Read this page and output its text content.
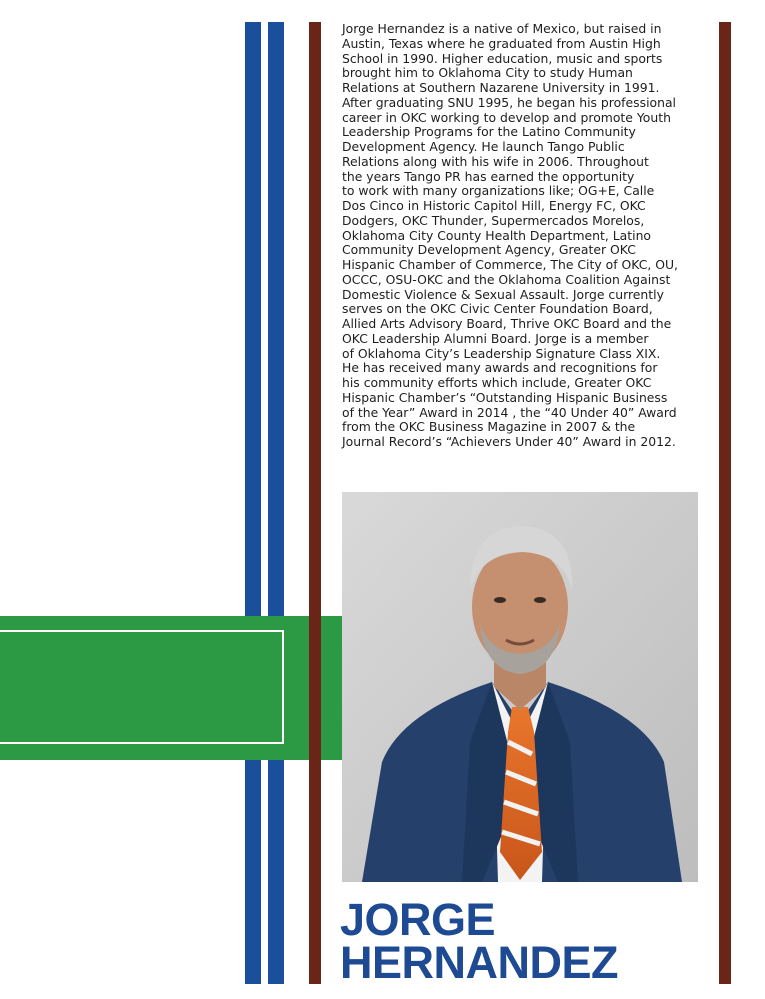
Jorge Hernandez is a native of Mexico, but raised in
Austin, Texas where he graduated from Austin High
School in 1990. Higher education, music and sports
brought him to Oklahoma City to study Human
Relations at Southern Nazarene University in 1991.
After graduating SNU 1995, he began his professional
career in OKC working to develop and promote Youth
Leadership Programs for the Latino Community
Development Agency. He launch Tango Public
Relations along with his wife in 2006. Throughout
the years Tango PR has earned the opportunity
to work with many organizations like; OG+E, Calle
Dos Cinco in Historic Capitol Hill, Energy FC, OKC
Dodgers, OKC Thunder, Supermercados Morelos,
Oklahoma City County Health Department, Latino
Community Development Agency, Greater OKC
Hispanic Chamber of Commerce, The City of OKC, OU,
OCCC, OSU-OKC and the Oklahoma Coalition Against
Domestic Violence & Sexual Assault. Jorge currently
serves on the OKC Civic Center Foundation Board,
Allied Arts Advisory Board, Thrive OKC Board and the
OKC Leadership Alumni Board. Jorge is a member
of Oklahoma City’s Leadership Signature Class XIX.
He has received many awards and recognitions for
his community efforts which include, Greater OKC
Hispanic Chamber’s “Outstanding Hispanic Business
of the Year” Award in 2014 , the “40 Under 40” Award
from the OKC Business Magazine in 2007 & the
Journal Record’s “Achievers Under 40” Award in 2012.

JORGE
HERNANDEZ
